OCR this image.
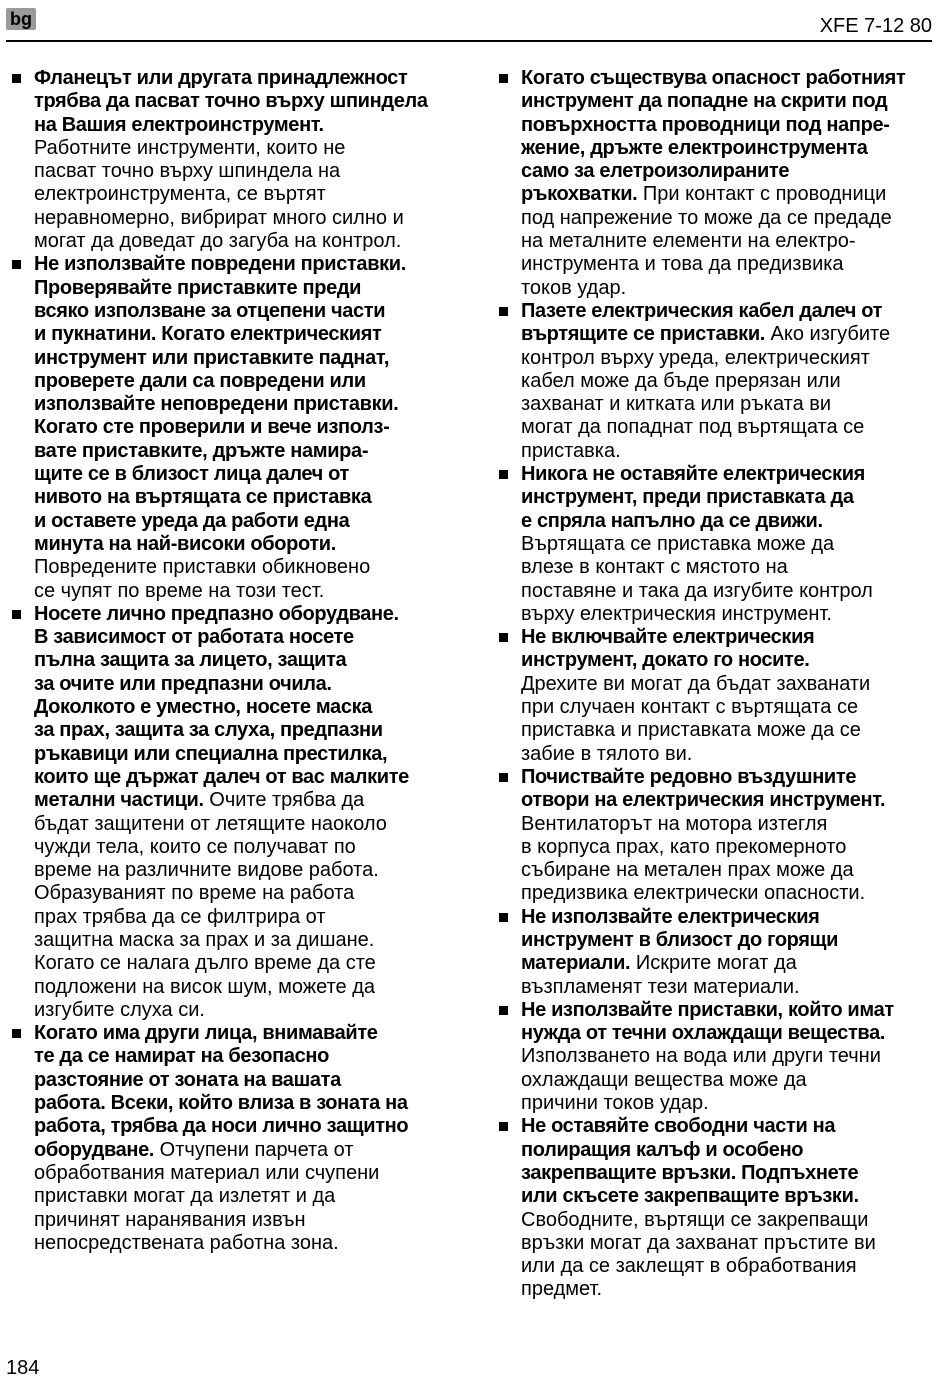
bg	XFE 7-12 80
Фланецът или другата принадлежност
трябва да пасват точно върху шпиндела
на Вашия електроинструмент.
Работните инструменти, които не
пасват точно върху шпиндела на
електроинструмента, се въртят
неравномерно, вибрират много силно и
могат да доведат до загуба на контрол.
Не използвайте повредени приставки.
Проверявайте приставките преди
всяко използване за отцепени части
и пукнатини. Когато електрическият
инструмент или приставките паднат,
проверете дали са повредени или
използвайте неповредени приставки.
Когато сте проверили и вече използ-
вате приставките, дръжте намира-
щите се в близост лица далеч от
нивото на въртящата се приставка
и оставете уреда да работи една
минута на най-високи обороти.
Повредените приставки обикновено
се чупят по време на този тест.
Носете лично предпазно оборудване.
В зависимост от работата носете
пълна защита за лицето, защита
за очите или предпазни очила.
Доколкото е уместно, носете маска
за прах, защита за слуха, предпазни
ръкавици или специална престилка,
които ще държат далеч от вас малките
метални частици. Очите трябва да
бъдат защитени от летящите наоколо
чужди тела, които се получават по
време на различните видове работа.
Образуваният по време на работа
прах трябва да се филтрира от
защитна маска за прах и за дишане.
Когато се налага дълго време да сте
подложени на висок шум, можете да
изгубите слуха си.
Когато има други лица, внимавайте
те да се намират на безопасно
разстояние от зоната на вашата
работа. Всеки, който влиза в зоната на
работа, трябва да носи лично защитно
оборудване. Отчупени парчета от
обработвания материал или счупени
приставки могат да излетят и да
причинят наранявания извън
непосредствената работна зона.
Когато съществува опасност работният
инструмент да попадне на скрити под
повърхността проводници под напре-
жение, дръжте електроинструмента
само за елетроизолираните
ръкохватки. При контакт с проводници
под напрежение то може да се предаде
на металните елементи на електро-
инструмента и това да предизвика
токов удар.
Пазете електрическия кабел далеч от
въртящите се приставки. Ако изгубите
контрол върху уреда, електрическият
кабел може да бъде прерязан или
захванат и китката или ръката ви
могат да попаднат под въртящата се
приставка.
Никога не оставяйте електрическия
инструмент, преди приставката да
е спряла напълно да се движи.
Въртящата се приставка може да
влезе в контакт с мястото на
поставяне и така да изгубите контрол
върху електрическия инструмент.
Не включвайте електрическия
инструмент, докато го носите.
Дрехите ви могат да бъдат захванати
при случаен контакт с въртящата се
приставка и приставката може да се
забие в тялото ви.
Почиствайте редовно въздушните
отвори на електрическия инструмент.
Вентилаторът на мотора изтегля
в корпуса прах, като прекомерното
събиране на метален прах може да
предизвика електрически опасности.
Не използвайте електрическия
инструмент в близост до горящи
материали. Искрите могат да
възпламенят тези материали.
Не използвайте приставки, който имат
нужда от течни охлаждащи вещества.
Използването на вода или други течни
охлаждащи вещества може да
причини токов удар.
Не оставяйте свободни части на
полиращия калъф и особено
закрепващите връзки. Подпъхнете
или скъсете закрепващите връзки.
Свободните, въртящи се закрепващи
връзки могат да захванат пръстите ви
или да се заклещят в обработвания
предмет.
184
